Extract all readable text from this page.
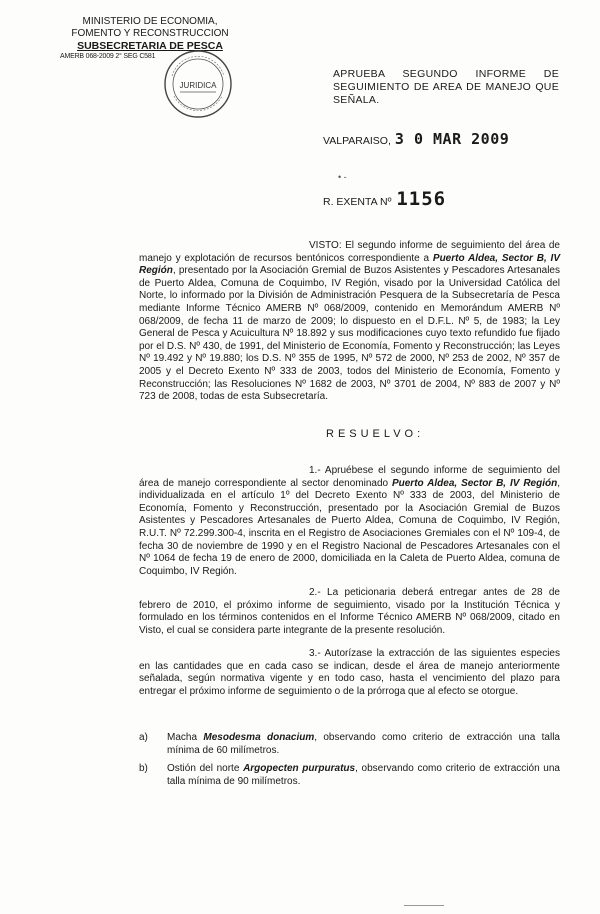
MINISTERIO DE ECONOMIA,
FOMENTO Y RECONSTRUCCION
SUBSECRETARIA DE PESCA
AMERB 068-2009 2° SEG C581
JURIDICA
APRUEBA SEGUNDO INFORME DE SEGUIMIENTO DE AREA DE MANEJO QUE SEÑALA.
VALPARAISO, 3 0 MAR 2009
• -
R. EXENTA Nº 1156
VISTO: El segundo informe de seguimiento del área de manejo y explotación de recursos bentónicos correspondiente a Puerto Aldea, Sector B, IV Región, presentado por la Asociación Gremial de Buzos Asistentes y Pescadores Artesanales de Puerto Aldea, Comuna de Coquimbo, IV Región, visado por la Universidad Católica del Norte, lo informado por la División de Administración Pesquera de la Subsecretaría de Pesca mediante Informe Técnico AMERB Nº 068/2009, contenido en Memorándum AMERB Nº 068/2009, de fecha 11 de marzo de 2009; lo dispuesto en el D.F.L. Nº 5, de 1983; la Ley General de Pesca y Acuicultura Nº 18.892 y sus modificaciones cuyo texto refundido fue fijado por el D.S. Nº 430, de 1991, del Ministerio de Economía, Fomento y Reconstrucción; las Leyes Nº 19.492 y Nº 19.880; los D.S. Nº 355 de 1995, Nº 572 de 2000, Nº 253 de 2002, Nº 357 de 2005 y el Decreto Exento Nº 333 de 2003, todos del Ministerio de Economía, Fomento y Reconstrucción; las Resoluciones Nº 1682 de 2003, Nº 3701 de 2004, Nº 883 de 2007 y Nº 723 de 2008, todas de esta Subsecretaría.
RESUELVO:
1.- Apruébese el segundo informe de seguimiento del área de manejo correspondiente al sector denominado Puerto Aldea, Sector B, IV Región, individualizada en el artículo 1º del Decreto Exento Nº 333 de 2003, del Ministerio de Economía, Fomento y Reconstrucción, presentado por la Asociación Gremial de Buzos Asistentes y Pescadores Artesanales de Puerto Aldea, Comuna de Coquimbo, IV Región, R.U.T. Nº 72.299.300-4, inscrita en el Registro de Asociaciones Gremiales con el Nº 109-4, de fecha 30 de noviembre de 1990 y en el Registro Nacional de Pescadores Artesanales con el Nº 1064 de fecha 19 de enero de 2000, domiciliada en la Caleta de Puerto Aldea, comuna de Coquimbo, IV Región.
2.- La peticionaria deberá entregar antes de 28 de febrero de 2010, el próximo informe de seguimiento, visado por la Institución Técnica y formulado en los términos contenidos en el Informe Técnico AMERB Nº 068/2009, citado en Visto, el cual se considera parte integrante de la presente resolución.
3.- Autorízase la extracción de las siguientes especies en las cantidades que en cada caso se indican, desde el área de manejo anteriormente señalada, según normativa vigente y en todo caso, hasta el vencimiento del plazo para entregar el próximo informe de seguimiento o de la prórroga que al efecto se otorgue.
a) Macha Mesodesma donacium, observando como criterio de extracción una talla mínima de 60 milímetros.
b) Ostión del norte Argopecten purpuratus, observando como criterio de extracción una talla mínima de 90 milímetros.
